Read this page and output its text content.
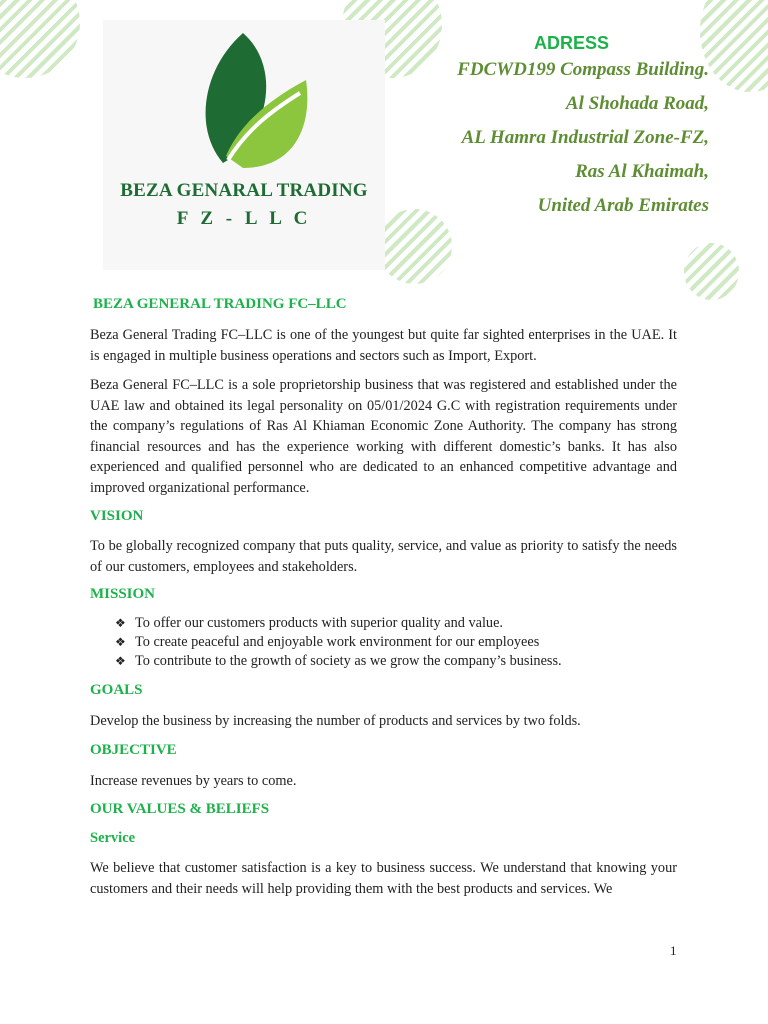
BEZA GENARAL TRADING
F Z - L L C
ADRESS
FDCWD199 Compass Building.
Al Shohada Road,
AL Hamra Industrial Zone-FZ,
Ras Al Khaimah,
United Arab Emirates
BEZA GENERAL TRADING FC–LLC

Beza General Trading FC–LLC is one of the youngest but quite far sighted enterprises in the UAE. It is engaged in multiple business operations and sectors such as Import, Export.

Beza General FC–LLC is a sole proprietorship business that was registered and established under the UAE law and obtained its legal personality on 05/01/2024 G.C with registration requirements under the company’s regulations of Ras Al Khiaman Economic Zone Authority. The company has strong financial resources and has the experience working with different domestic’s banks. It has also experienced and qualified personnel who are dedicated to an enhanced competitive advantage and improved organizational performance.

VISION

To be globally recognized company that puts quality, service, and value as priority to satisfy the needs of our customers, employees and stakeholders.

MISSION
❖ To offer our customers products with superior quality and value.
❖ To create peaceful and enjoyable work environment for our employees
❖ To contribute to the growth of society as we grow the company’s business.
GOALS

Develop the business by increasing the number of products and services by two folds.

OBJECTIVE

Increase revenues by years to come.

OUR VALUES & BELIEFS
Service

We believe that customer satisfaction is a key to business success. We understand that knowing your customers and their needs will help providing them with the best products and services. We

1
